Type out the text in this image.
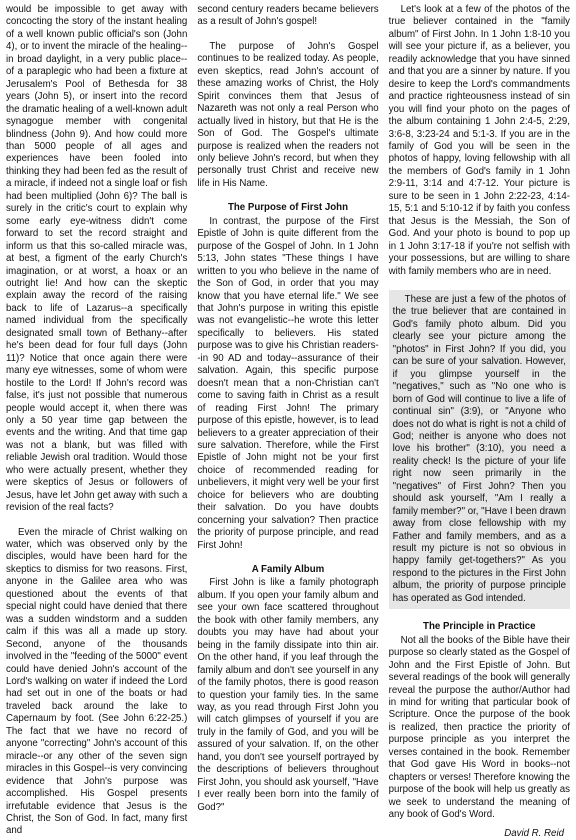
would be impossible to get away with concocting the story of the instant healing of a well known public official's son (John 4), or to invent the miracle of the healing--in broad daylight, in a very public place--of a paraplegic who had been a fixture at Jerusalem's Pool of Bethesda for 38 years (John 5), or insert into the record the dramatic healing of a well-known adult synagogue member with congenital blindness (John 9). And how could more than 5000 people of all ages and experiences have been fooled into thinking they had been fed as the result of a miracle, if indeed not a single loaf or fish had been multiplied (John 6)? The ball is surely in the critic's court to explain why some early eye-witness didn't come forward to set the record straight and inform us that this so-called miracle was, at best, a figment of the early Church's imagination, or at worst, a hoax or an outright lie! And how can the skeptic explain away the record of the raising back to life of Lazarus--a specifically named individual from the specifically designated small town of Bethany--after he's been dead for four full days (John 11)? Notice that once again there were many eye witnesses, some of whom were hostile to the Lord! If John's record was false, it's just not possible that numerous people would accept it, when there was only a 50 year time gap between the events and the writing. And that time gap was not a blank, but was filled with reliable Jewish oral tradition. Would those who were actually present, whether they were skeptics of Jesus or followers of Jesus, have let John get away with such a revision of the real facts?

Even the miracle of Christ walking on water, which was observed only by the disciples, would have been hard for the skeptics to dismiss for two reasons. First, anyone in the Galilee area who was questioned about the events of that special night could have denied that there was a sudden windstorm and a sudden calm if this was all a made up story. Second, anyone of the thousands involved in the "feeding of the 5000" event could have denied John's account of the Lord's walking on water if indeed the Lord had set out in one of the boats or had traveled back around the lake to Capernaum by foot. (See John 6:22-25.) The fact that we have no record of anyone "correcting" John's account of this miracle--or any other of the seven sign miracles in this Gospel--is very convincing evidence that John's purpose was accomplished. His Gospel presents irrefutable evidence that Jesus is the Christ, the Son of God. In fact, many first and

second century readers became believers as a result of John's gospel!

The purpose of John's Gospel continues to be realized today. As people, even skeptics, read John's account of these amazing works of Christ, the Holy Spirit convinces them that Jesus of Nazareth was not only a real Person who actually lived in history, but that He is the Son of God. The Gospel's ultimate purpose is realized when the readers not only believe John's record, but when they personally trust Christ and receive new life in His Name.

The Purpose of First John

In contrast, the purpose of the First Epistle of John is quite different from the purpose of the Gospel of John. In 1 John 5:13, John states "These things I have written to you who believe in the name of the Son of God, in order that you may know that you have eternal life." We see that John's purpose in writing this epistle was not evangelistic--he wrote this letter specifically to believers. His stated purpose was to give his Christian readers--in 90 AD and today--assurance of their salvation. Again, this specific purpose doesn't mean that a non-Christian can't come to saving faith in Christ as a result of reading First John! The primary purpose of this epistle, however, is to lead believers to a greater appreciation of their sure salvation. Therefore, while the First Epistle of John might not be your first choice of recommended reading for unbelievers, it might very well be your first choice for believers who are doubting their salvation. Do you have doubts concerning your salvation? Then practice the priority of purpose principle, and read First John!

A Family Album

First John is like a family photograph album. If you open your family album and see your own face scattered throughout the book with other family members, any doubts you may have had about your being in the family dissipate into thin air. On the other hand, if you leaf through the family album and don't see yourself in any of the family photos, there is good reason to question your family ties. In the same way, as you read through First John you will catch glimpses of yourself if you are truly in the family of God, and you will be assured of your salvation. If, on the other hand, you don't see yourself portrayed by the descriptions of believers throughout First John, you should ask yourself, "Have I ever really been born into the family of God?"

Let's look at a few of the photos of the true believer contained in the "family album" of First John. In 1 John 1:8-10 you will see your picture if, as a believer, you readily acknowledge that you have sinned and that you are a sinner by nature. If you desire to keep the Lord's commandments and practice righteousness instead of sin you will find your photo on the pages of the album containing 1 John 2:4-5, 2:29, 3:6-8, 3:23-24 and 5:1-3. If you are in the family of God you will be seen in the photos of happy, loving fellowship with all the members of God's family in 1 John 2:9-11, 3:14 and 4:7-12. Your picture is sure to be seen in 1 John 2:22-23, 4:14-15, 5:1 and 5:10-12 if by faith you confess that Jesus is the Messiah, the Son of God. And your photo is bound to pop up in 1 John 3:17-18 if you're not selfish with your possessions, but are willing to share with family members who are in need.

These are just a few of the photos of the true believer that are contained in God's family photo album. Did you clearly see your picture among the "photos" in First John? If you did, you can be sure of your salvation. However, if you glimpse yourself in the "negatives," such as "No one who is born of God will continue to live a life of continual sin" (3:9), or "Anyone who does not do what is right is not a child of God; neither is anyone who does not love his brother" (3:10), you need a reality check! Is the picture of your life right now seen primarily in the "negatives" of First John? Then you should ask yourself, "Am I really a family member?" or, "Have I been drawn away from close fellowship with my Father and family members, and as a result my picture is not so obvious in happy family get-togethers?" As you respond to the pictures in the First John album, the priority of purpose principle has operated as God intended.

The Principle in Practice

Not all the books of the Bible have their purpose so clearly stated as the Gospel of John and the First Epistle of John. But several readings of the book will generally reveal the purpose the author/Author had in mind for writing that particular book of Scripture. Once the purpose of the book is realized, then practice the priority of purpose principle as you interpret the verses contained in the book. Remember that God gave His Word in books--not chapters or verses! Therefore knowing the purpose of the book will help us greatly as we seek to understand the meaning of any book of God's Word.

David R. Reid
